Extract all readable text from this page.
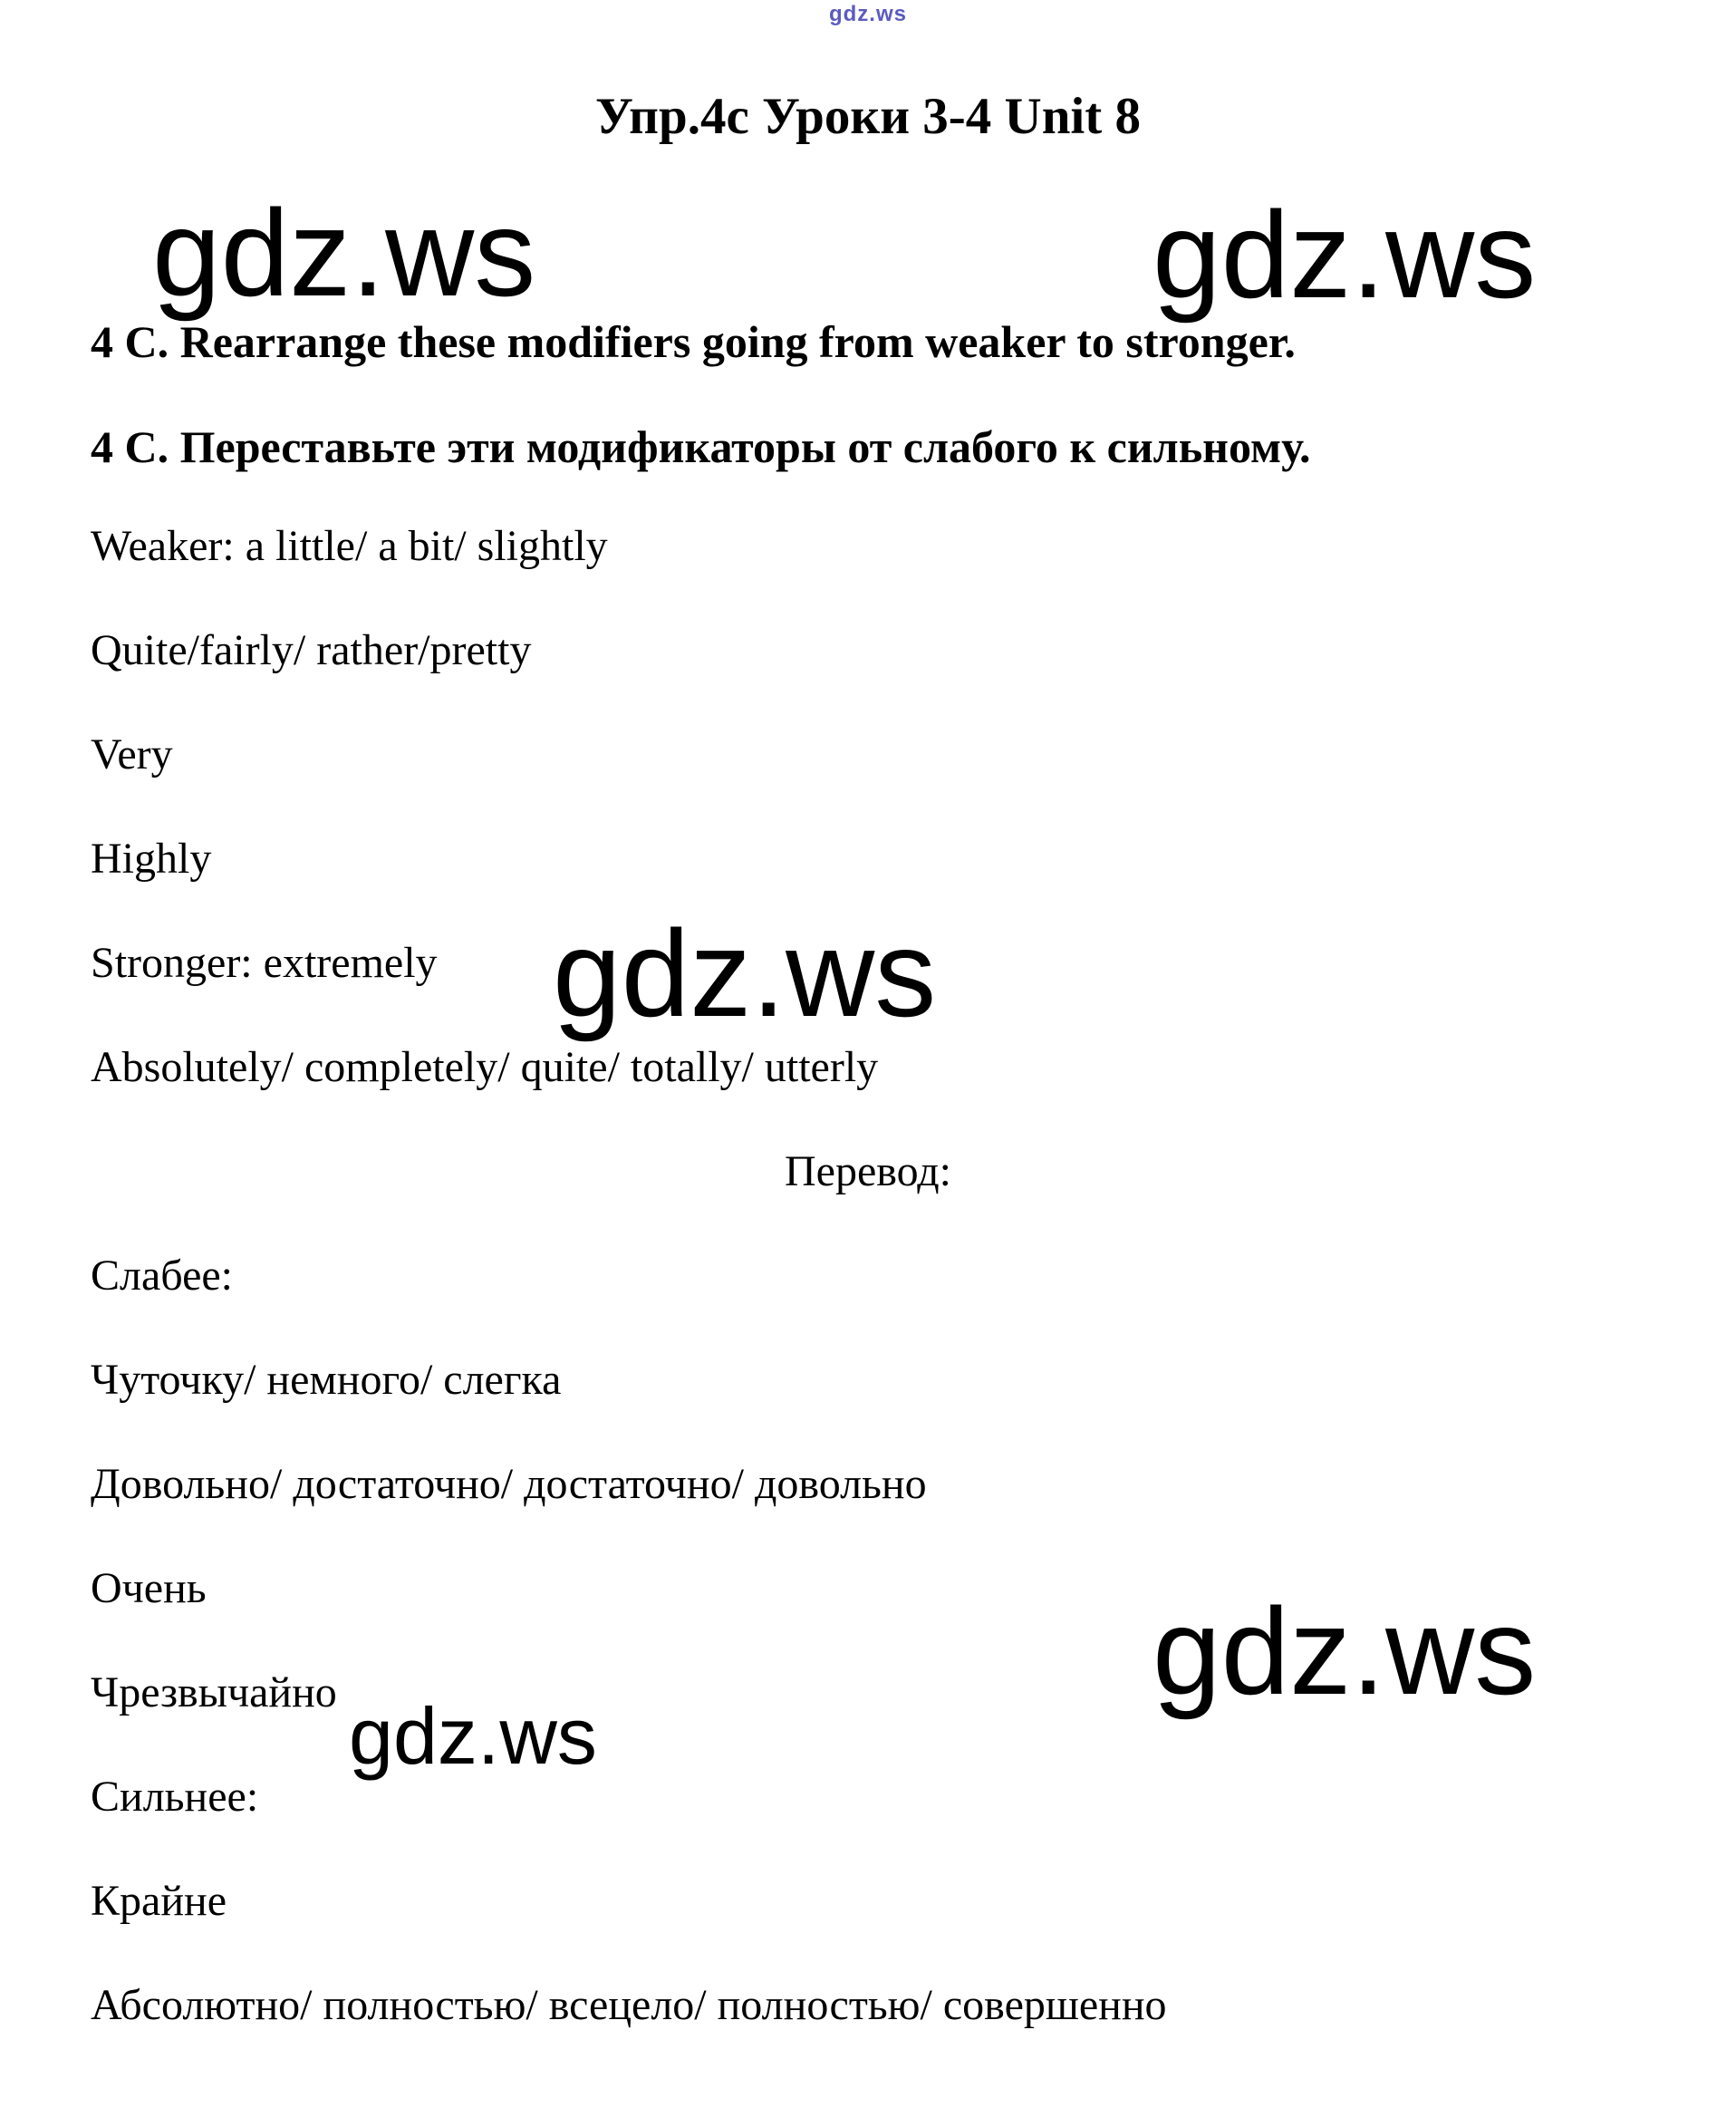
gdz.ws
Упр.4с Уроки 3-4 Unit 8
gdz.ws	gdz.ws
4 C. Rearrange these modifiers going from weaker to stronger.
4 С. Переставьте эти модификаторы от слабого к сильному.
Weaker: a little/ a bit/ slightly
Quite/fairly/ rather/pretty
Very
Highly
Stronger: extremely gdz.ws
Absolutely/ completely/ quite/ totally/ utterly
Перевод:
Слабее:
Чуточку/ немного/ слегка
Довольно/ достаточно/ достаточно/ довольно
Очень
Чрезвычайно	gdz.ws
gdz.ws
Сильнее:
Крайне
Абсолютно/ полностью/ всецело/ полностью/ совершенно
